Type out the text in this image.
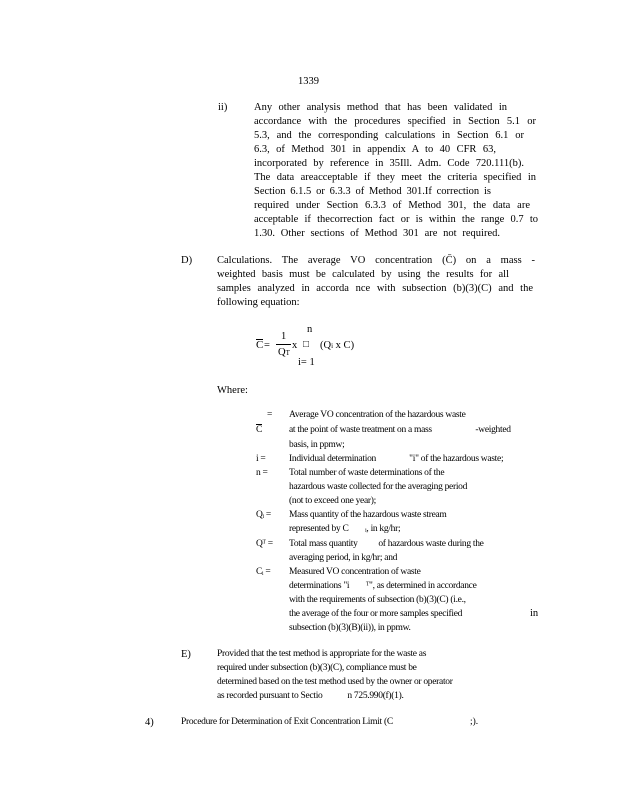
1339
ii)	Any other analysis method that has been validated in
accordance with the procedures specified in Section 5.1 or
5.3, and the corresponding calculations in Section 6.1 or
6.3, of Method 301 in appendix A to 40 CFR 63,
incorporated by reference in 35Ill. Adm. Code 720.111(b).
The data areacceptable if they meet the criteria specified in
Section 6.1.5 or 6.3.3 of Method 301.If correction is
required under Section 6.3.3 of Method 301, the data are
acceptable if thecorrection fact or is within the range 0.7 to
1.30. Other sections of Method 301 are not required.
D) Calculations. The average VO concentration (C̄) on a mass -
weighted basis must be calculated by using the results for all
samples analyzed in accorda nce with subsection (b)(3)(C) and the
following equation:
n
C =
1
QT
x □ (Qi x C)
i= 1
Where:
C
= Average VO concentration of the hazardous waste
at the point of waste treatment on a mass                     -weighted
basis, in ppmw;
i = Individual determination                "i" of the hazardous waste;
n = Total number of waste determinations of the
hazardous waste collected for the averaging period
(not to exceed one year);
Qᵢ = Mass quantity of the hazardous waste stream
represented by C        ᵢ, in kg/hr;
Qᵀ = Total mass quantity          of hazardous waste during the
averaging period, in kg/hr; and
Cᵢ = Measured VO concentration of waste
determinations "i        ᵀ", as determined in accordance
with the requirements of subsection (b)(3)(C) (i.e.,
the average of the four or more samples specified
subsection (b)(3)(B)(ii)), in ppmw.
in
E)	Provided that the test method is appropriate for the waste as
required under subsection (b)(3)(C), compliance must be
determined based on the test method used by the owner or operator
as recorded pursuant to Sectio            n 725.990(f)(1).
4)	Procedure for Determination of Exit Concentration Limit (C	;).
